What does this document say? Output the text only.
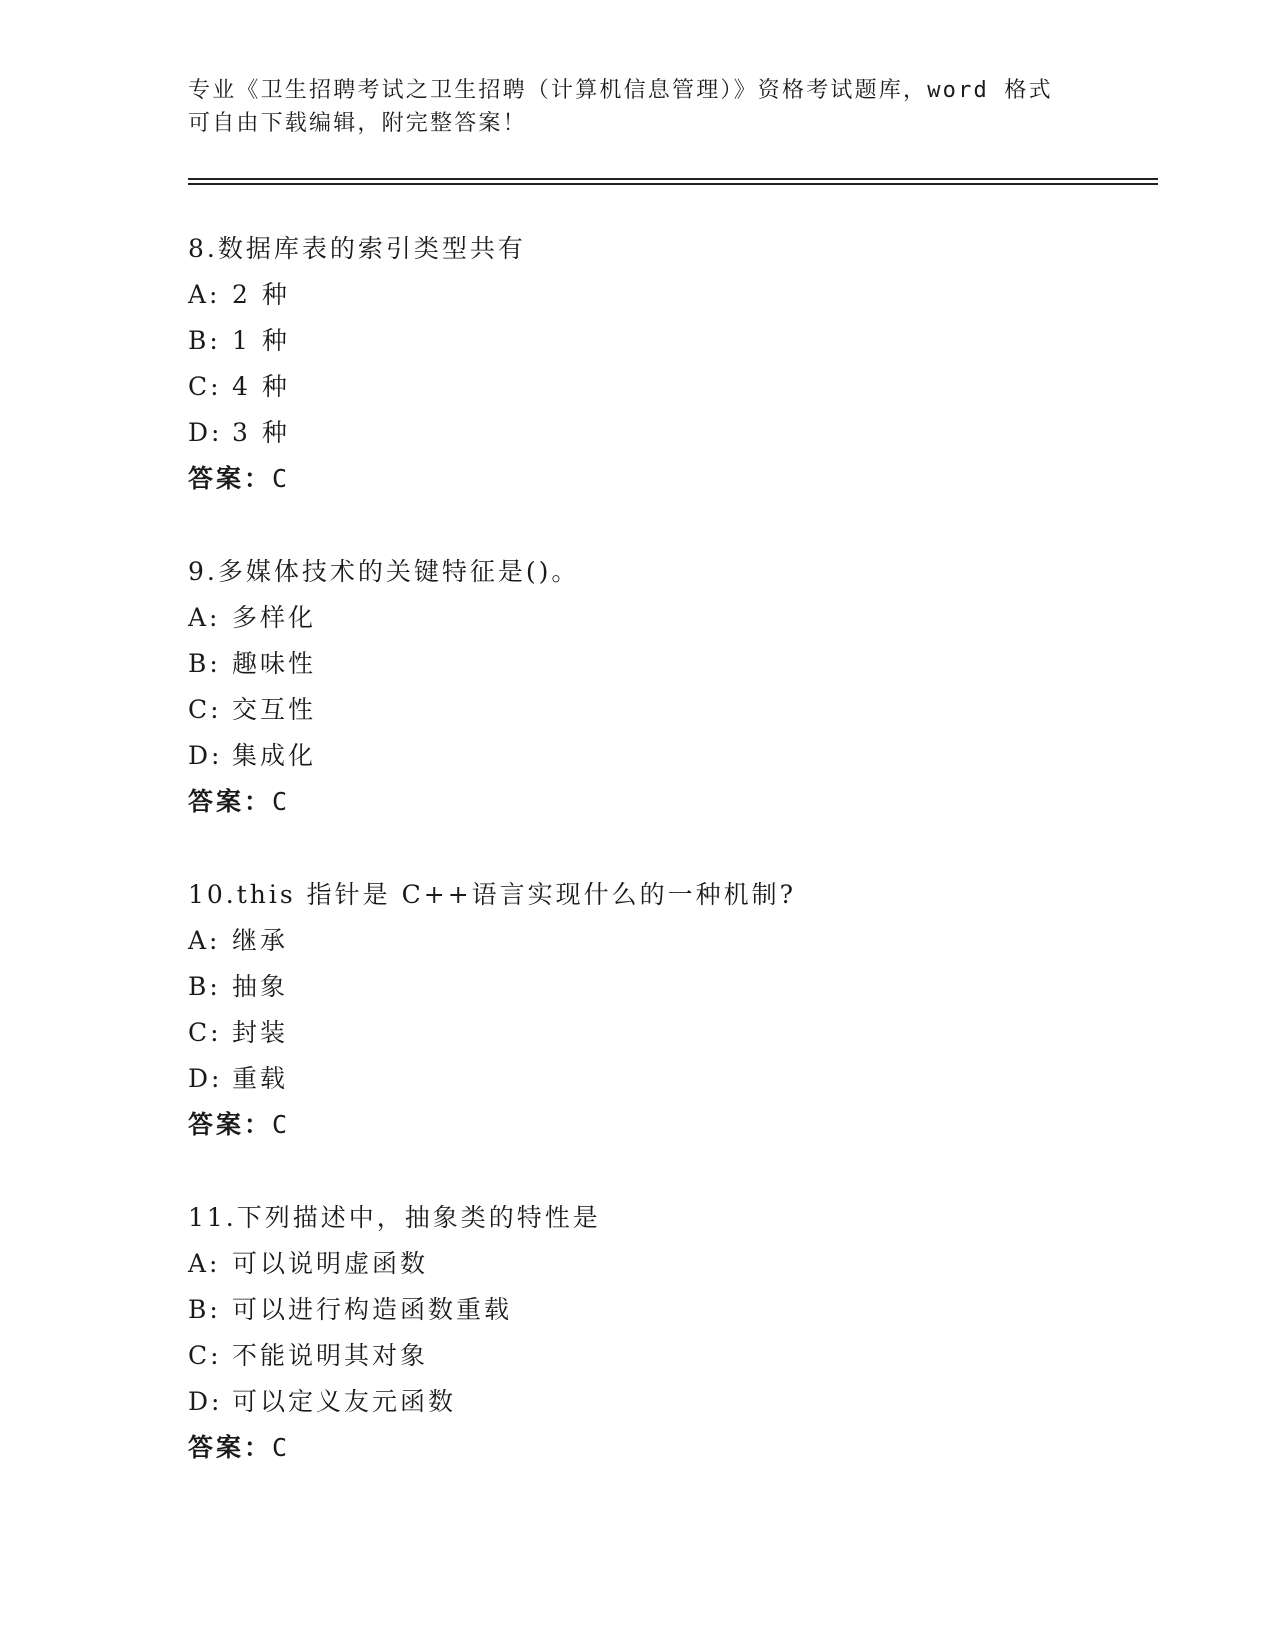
专业《卫生招聘考试之卫生招聘（计算机信息管理）》资格考试题库，word 格式
可自由下载编辑，附完整答案！
8.数据库表的索引类型共有
A: 2 种
B: 1 种
C: 4 种
D: 3 种
答案：C
9.多媒体技术的关键特征是()。
A: 多样化
B: 趣味性
C: 交互性
D: 集成化
答案：C
10.this 指针是 C++语言实现什么的一种机制?
A: 继承
B: 抽象
C: 封装
D: 重载
答案：C
11.下列描述中，抽象类的特性是
A: 可以说明虚函数
B: 可以进行构造函数重载
C: 不能说明其对象
D: 可以定义友元函数
答案：C
